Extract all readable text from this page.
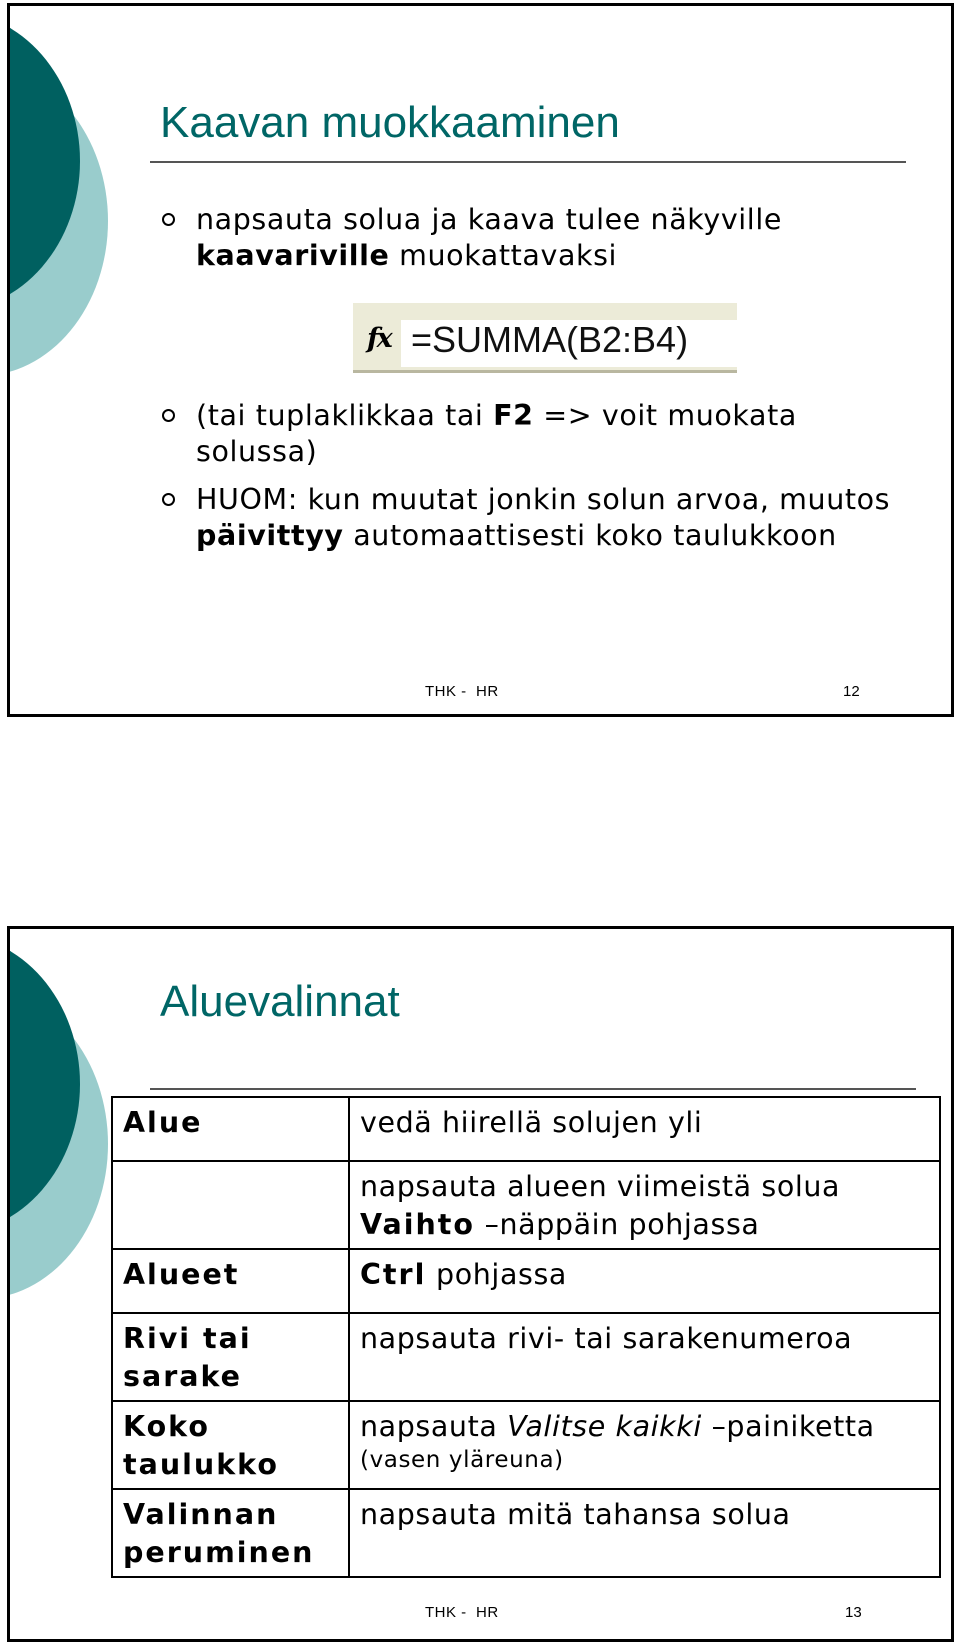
Kaavan muokkaaminen
napsauta solua ja kaava tulee näkyville
kaavariville muokattavaksi
fx =SUMMA(B2:B4)
(tai tuplaklikkaa tai F2 => voit muokata solussa)
HUOM: kun muutat jonkin solun arvoa, muutos päivittyy automaattisesti koko taulukkoon
THK -  HR	12
Aluevalinnat
Alue	vedä hiirellä solujen yli
	napsauta alueen viimeistä solua
Vaihto –näppäin pohjassa
Alueet	Ctrl pohjassa
Rivi tai sarake	napsauta rivi- tai sarakenumeroa
Koko taulukko	napsauta Valitse kaikki –painiketta
(vasen yläreuna)

Valinnan peruminen	napsauta mitä tahansa solua
THK -  HR	13
